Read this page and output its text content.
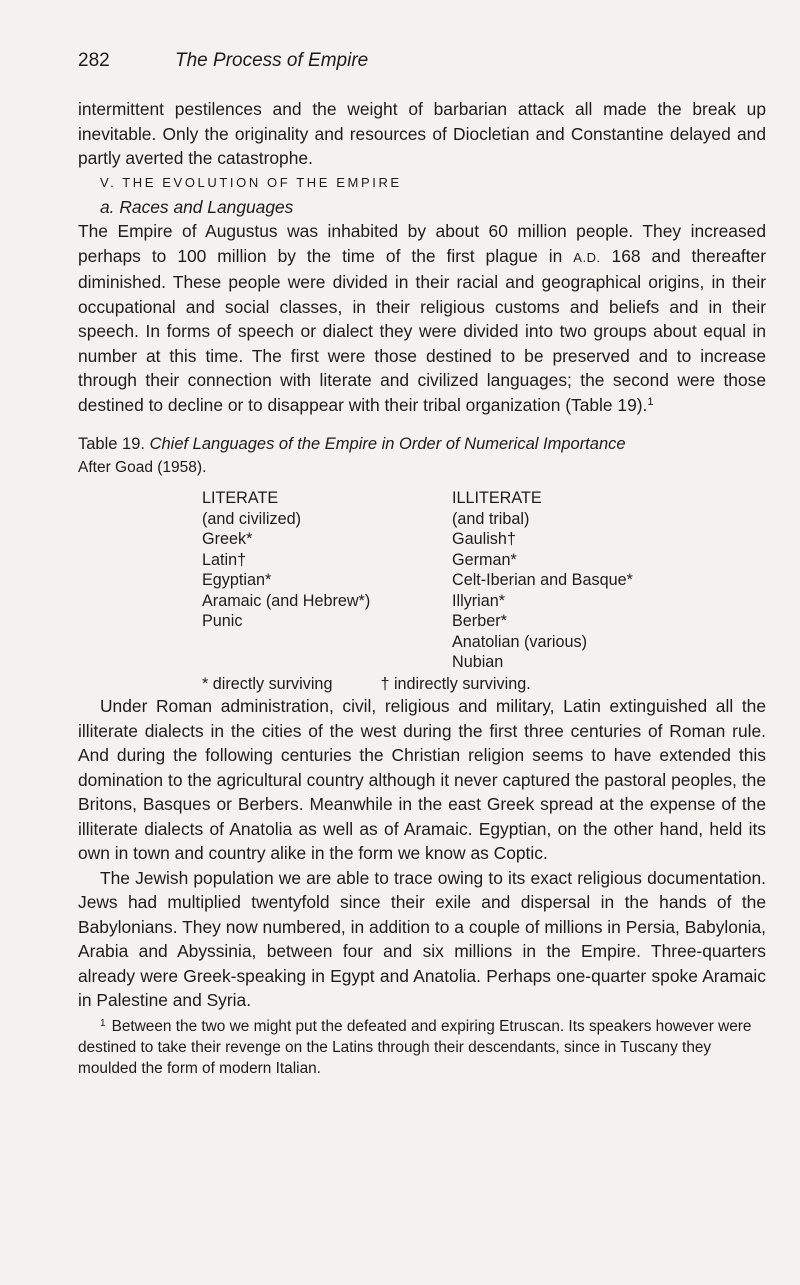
282	The Process of Empire

intermittent pestilences and the weight of barbarian attack all made the break up inevitable. Only the originality and resources of Diocletian and Constantine delayed and partly averted the catastrophe.

V. THE EVOLUTION OF THE EMPIRE

a. Races and Languages

The Empire of Augustus was inhabited by about 60 million people. They increased perhaps to 100 million by the time of the first plague in A.D. 168 and thereafter diminished. These people were divided in their racial and geographical origins, in their occupational and social classes, in their religious customs and beliefs and in their speech. In forms of speech or dialect they were divided into two groups about equal in number at this time. The first were those destined to be preserved and to increase through their connection with literate and civilized languages; the second were those destined to decline or to disappear with their tribal organization (Table 19).$^1$

Table 19. Chief Languages of the Empire in Order of Numerical Importance
After Goad (1958).
LITERATE
(and civilized)
Greek*
Latin†
Egyptian*
Aramaic (and Hebrew*)
Punic
ILLITERATE
(and tribal)
Gaulish†
German*
Celt-Iberian and Basque*
Illyrian*
Berber*
Anatolian (various)
Nubian
* directly surviving	† indirectly surviving.

Under Roman administration, civil, religious and military, Latin extinguished all the illiterate dialects in the cities of the west during the first three centuries of Roman rule. And during the following centuries the Christian religion seems to have extended this domination to the agricultural country although it never captured the pastoral peoples, the Britons, Basques or Berbers. Meanwhile in the east Greek spread at the expense of the illiterate dialects of Anatolia as well as of Aramaic. Egyptian, on the other hand, held its own in town and country alike in the form we know as Coptic.

The Jewish population we are able to trace owing to its exact religious documentation. Jews had multiplied twentyfold since their exile and dispersal in the hands of the Babylonians. They now numbered, in addition to a couple of millions in Persia, Babylonia, Arabia and Abyssinia, between four and six millions in the Empire. Three-quarters already were Greek-speaking in Egypt and Anatolia. Perhaps one-quarter spoke Aramaic in Palestine and Syria.

$^1$ Between the two we might put the defeated and expiring Etruscan. Its speakers however were destined to take their revenge on the Latins through their descendants, since in Tuscany they moulded the form of modern Italian.
